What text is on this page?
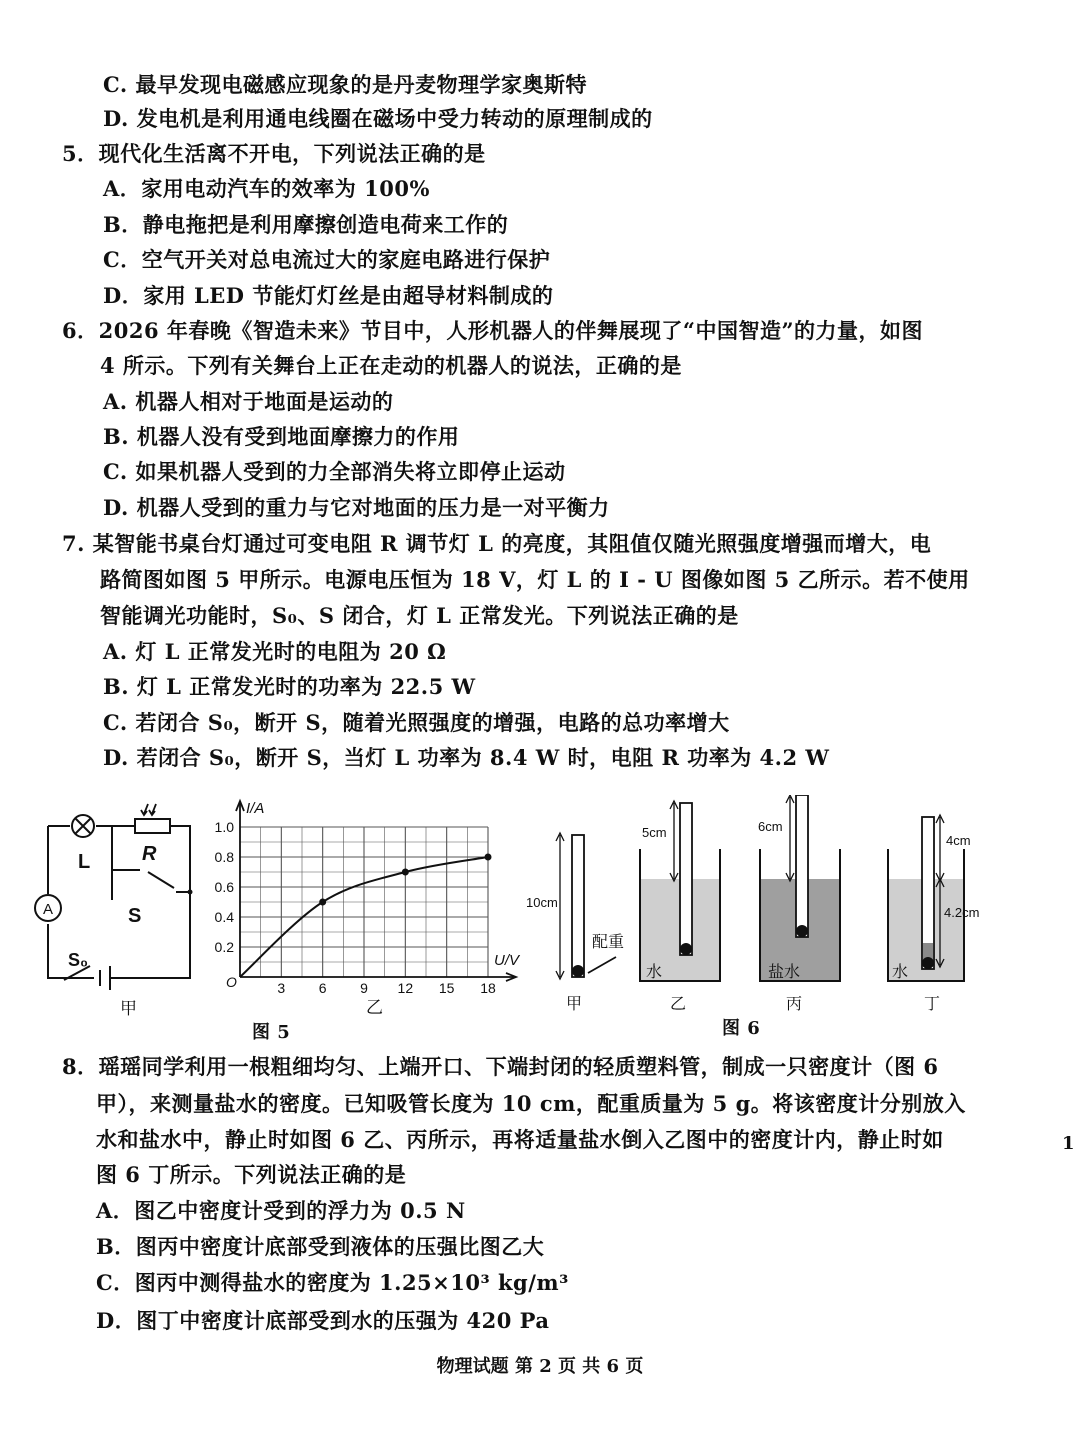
C. 最早发现电磁感应现象的是丹麦物理学家奥斯特
D. 发电机是利用通电线圈在磁场中受力转动的原理制成的
5．现代化生活离不开电，下列说法正确的是
A．家用电动汽车的效率为 100%
B．静电拖把是利用摩擦创造电荷来工作的
C．空气开关对总电流过大的家庭电路进行保护
D．家用 LED 节能灯灯丝是由超导材料制成的
6．2026 年春晚《智造未来》节目中，人形机器人的伴舞展现了“中国智造”的力量，如图
4 所示。下列有关舞台上正在走动的机器人的说法，正确的是
A. 机器人相对于地面是运动的
B. 机器人没有受到地面摩擦力的作用
C. 如果机器人受到的力全部消失将立即停止运动
D. 机器人受到的重力与它对地面的压力是一对平衡力
7. 某智能书桌台灯通过可变电阻 R 调节灯 L 的亮度，其阻值仅随光照强度增强而增大，电
路简图如图 5 甲所示。电源电压恒为 18 V，灯 L 的 I - U 图像如图 5 乙所示。若不使用
智能调光功能时，S₀、S 闭合，灯 L 正常发光。下列说法正确的是
A. 灯 L 正常发光时的电阻为 20 Ω
B. 灯 L 正常发光时的功率为 22.5 W
C. 若闭合 S₀，断开 S，随着光照强度的增强，电路的总功率增大
D. 若闭合 S₀，断开 S，当灯 L 功率为 8.4 W 时，电阻 R 功率为 4.2 W
A
L	R
S
S₀
甲
1.0
0.8
0.6
0.4
0.2
3 6 9 12 15 18
I/A
U/V
O
乙
图 5
10cm
配重
甲
5cm
水
乙
6cm
盐水
丙
4cm
4.2cm
水
丁
图 6
8．瑶瑶同学利用一根粗细均匀、上端开口、下端封闭的轻质塑料管，制成一只密度计（图 6
甲），来测量盐水的密度。已知吸管长度为 10 cm，配重质量为 5 g。将该密度计分别放入
水和盐水中，静止时如图 6 乙、丙所示，再将适量盐水倒入乙图中的密度计内，静止时如
图 6 丁所示。下列说法正确的是
A．图乙中密度计受到的浮力为 0.5 N
B．图丙中密度计底部受到液体的压强比图乙大
C．图丙中测得盐水的密度为 1.25×10³ kg/m³
D．图丁中密度计底部受到水的压强为 420 Pa
1
物理试题 第 2 页 共 6 页
